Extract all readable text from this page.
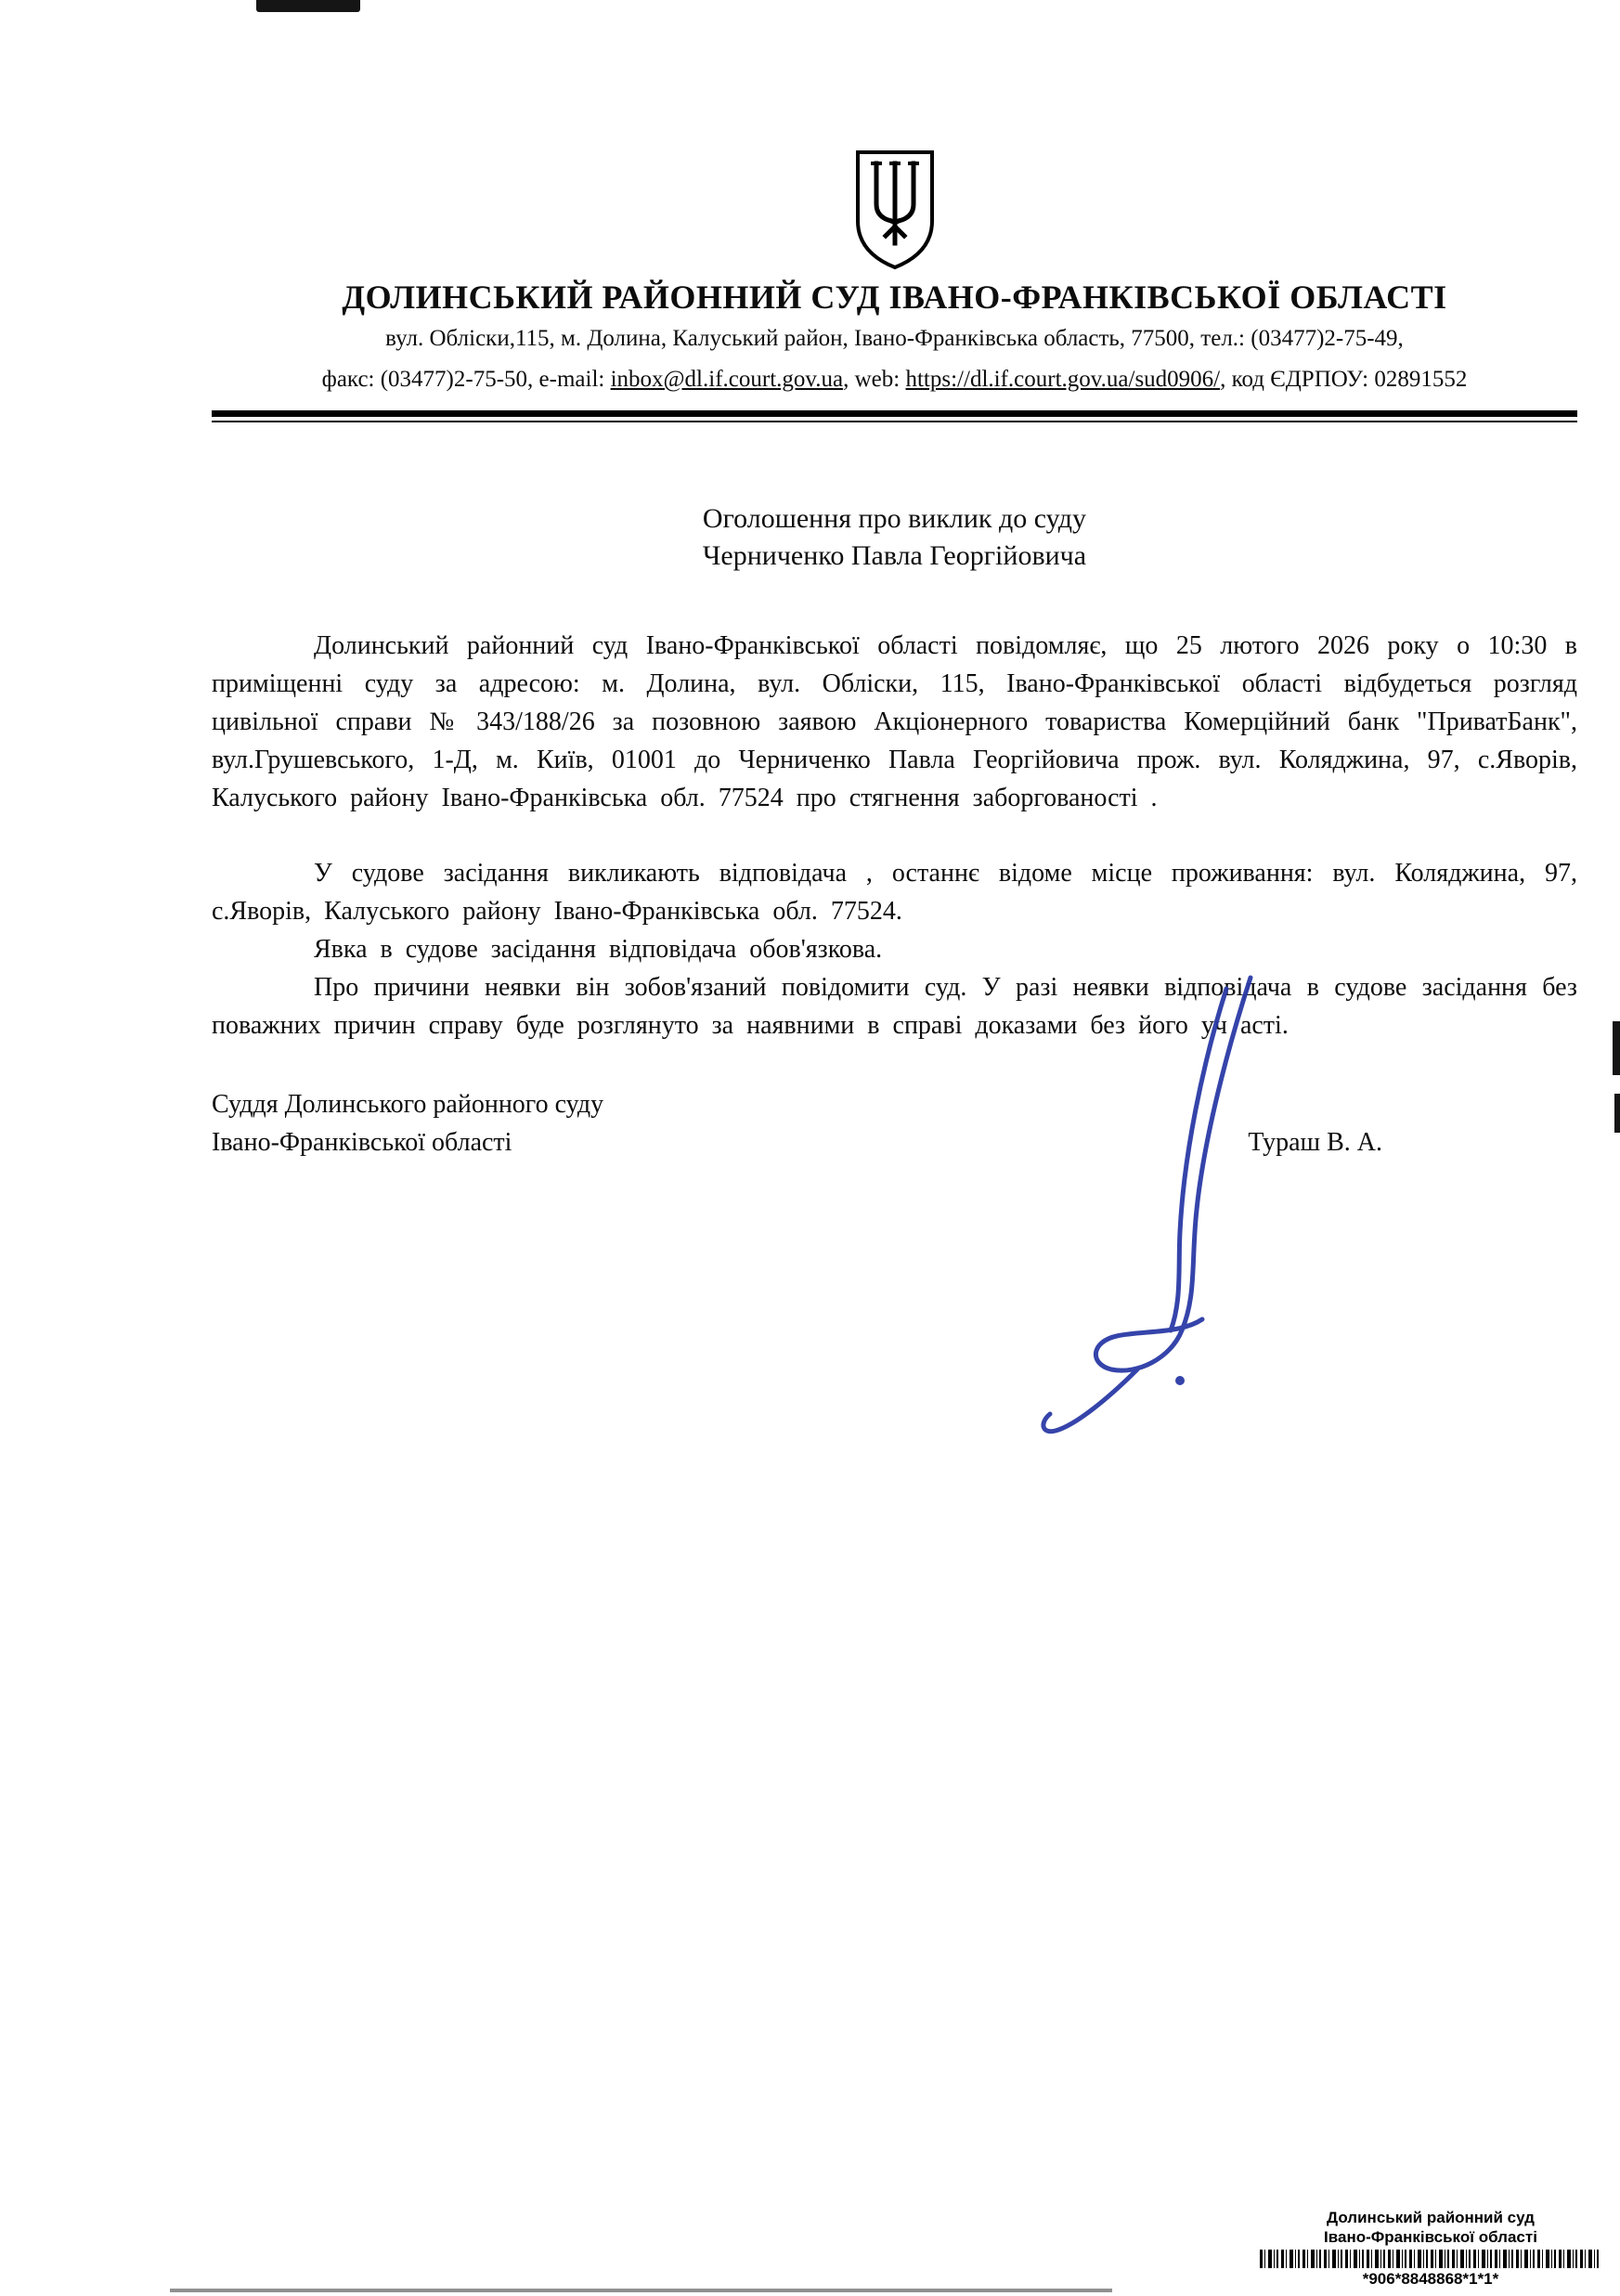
ДОЛИНСЬКИЙ РАЙОННИЙ СУД ІВАНО-ФРАНКІВСЬКОЇ ОБЛАСТІ

вул. Обліски,115, м. Долина, Калуський район, Івано-Франківська область, 77500, тел.: (03477)2-75-49,

факс: (03477)2-75-50, e-mail: inbox@dl.if.court.gov.ua, web: https://dl.if.court.gov.ua/sud0906/, код ЄДРПОУ: 02891552

Оголошення про виклик до суду

Черниченко Павла Георгійовича

Долинський районний суд Івано-Франківської області повідомляє, що 25 лютого 2026 року о 10:30 в приміщенні суду за адресою: м. Долина, вул. Обліски, 115, Івано-Франківської області відбудеться розгляд цивільної справи № 343/188/26 за позовною заявою Акціонерного товариства Комерційний банк "ПриватБанк", вул.Грушевського, 1-Д, м. Київ, 01001 до Черниченко Павла Георгійовича прож. вул. Коляджина, 97, с.Яворів, Калуського району Івано-Франківська обл. 77524 про стягнення заборгованості .

У судове засідання викликають відповідача , останнє відоме місце проживання: вул. Коляджина, 97, с.Яворів, Калуського району Івано-Франківська обл. 77524.

Явка в судове засідання відповідача обов'язкова.

Про причини неявки він зобов'язаний повідомити суд. У разі неявки відповідача в судове засідання без поважних причин справу буде розглянуто за наявними в справі доказами без його уч асті.

Суддя Долинського районного суду

Івано-Франківської області	Тураш В. А.

Долинський районний суд

Івано-Франківської області

*906*8848868*1*1*
